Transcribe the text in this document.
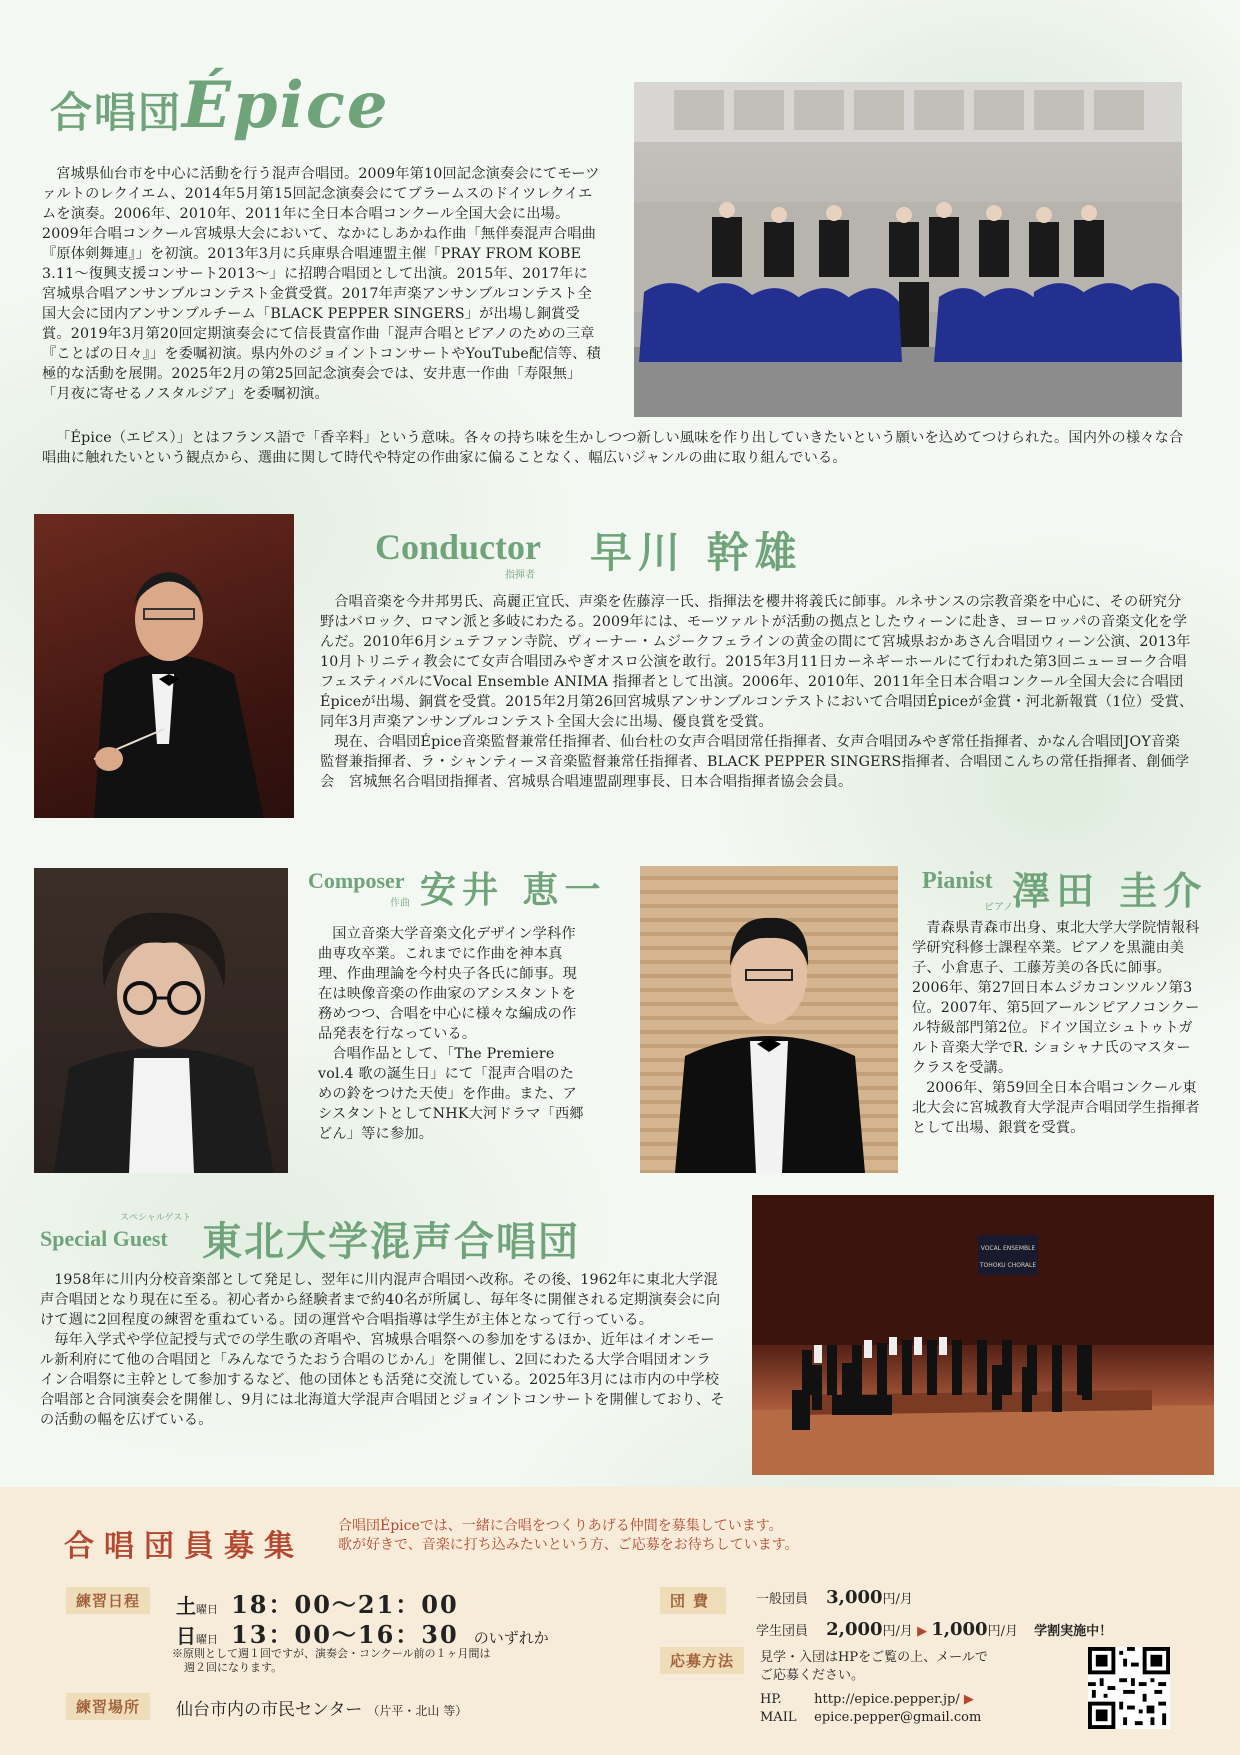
合唱団Épice

宮城県仙台市を中心に活動を行う混声合唱団。2009年第10回記念演奏会にてモーツァルトのレクイエム、2014年5月第15回記念演奏会にてブラームスのドイツレクイエムを演奏。2006年、2010年、2011年に全日本合唱コンクール全国大会に出場。2009年合唱コンクール宮城県大会において、なかにしあかね作曲「無伴奏混声合唱曲『原体剣舞連』」を初演。2013年3月に兵庫県合唱連盟主催「PRAY FROM KOBE 3.11～復興支援コンサート2013～」に招聘合唱団として出演。2015年、2017年に宮城県合唱アンサンブルコンテスト金賞受賞。2017年声楽アンサンブルコンテスト全国大会に団内アンサンブルチーム「BLACK PEPPER SINGERS」が出場し銅賞受賞。2019年3月第20回定期演奏会にて信長貴富作曲「混声合唱とピアノのための三章『ことばの日々』」を委嘱初演。県内外のジョイントコンサートやYouTube配信等、積極的な活動を展開。2025年2月の第25回記念演奏会では、安井恵一作曲「寿限無」「月夜に寄せるノスタルジア」を委嘱初演。

「Épice（エピス）」とはフランス語で「香辛料」という意味。各々の持ち味を生かしつつ新しい風味を作り出していきたいという願いを込めてつけられた。国内外の様々な合唱曲に触れたいという観点から、選曲に関して時代や特定の作曲家に偏ることなく、幅広いジャンルの曲に取り組んでいる。

Conductor
指揮者 早川 幹雄

合唱音楽を今井邦男氏、高麗正宜氏、声楽を佐藤淳一氏、指揮法を櫻井将義氏に師事。ルネサンスの宗教音楽を中心に、その研究分野はバロック、ロマン派と多岐にわたる。2009年には、モーツァルトが活動の拠点としたウィーンに赴き、ヨーロッパの音楽文化を学んだ。2010年6月シュテファン寺院、ヴィーナー・ムジークフェラインの黄金の間にて宮城県おかあさん合唱団ウィーン公演、2013年10月トリニティ教会にて女声合唱団みやぎオスロ公演を敢行。2015年3月11日カーネギーホールにて行われた第3回ニューヨーク合唱フェスティバルにVocal Ensemble ANIMA 指揮者として出演。2006年、2010年、2011年全日本合唱コンクール全国大会に合唱団Épiceが出場、銅賞を受賞。2015年2月第26回宮城県アンサンブルコンテストにおいて合唱団Épiceが金賞・河北新報賞（1位）受賞、同年3月声楽アンサンブルコンテスト全国大会に出場、優良賞を受賞。

現在、合唱団Épice音楽監督兼常任指揮者、仙台杜の女声合唱団常任指揮者、女声合唱団みやぎ常任指揮者、かなん合唱団JOY音楽監督兼指揮者、ラ・シャンティーヌ音楽監督兼常任指揮者、BLACK PEPPER SINGERS指揮者、合唱団こんちの常任指揮者、創価学会　宮城無名合唱団指揮者、宮城県合唱連盟副理事長、日本合唱指揮者協会会員。

Composer
作曲 安井 恵一

国立音楽大学音楽文化デザイン学科作曲専攻卒業。これまでに作曲を神本真理、作曲理論を今村央子各氏に師事。現在は映像音楽の作曲家のアシスタントを務めつつ、合唱を中心に様々な編成の作品発表を行なっている。

合唱作品として、「The Premiere vol.4 歌の誕生日」にて「混声合唱のための鈴をつけた天使」を作曲。また、アシスタントとしてNHK大河ドラマ「西郷どん」等に参加。

Pianist
ピアノ
澤田 圭介

青森県青森市出身、東北大学大学院情報科学研究科修士課程卒業。ピアノを黒瀧由美子、小倉恵子、工藤芳美の各氏に師事。2006年、第27回日本ムジカコンツルソ第3位。2007年、第5回アールンピアノコンクール特級部門第2位。ドイツ国立シュトゥトガルト音楽大学でR. ショシャナ氏のマスタークラスを受講。

2006年、第59回全日本合唱コンクール東北大会に宮城教育大学混声合唱団学生指揮者として出場、銀賞を受賞。

スペシャルゲスト
Special Guest 東北大学混声合唱団

1958年に川内分校音楽部として発足し、翌年に川内混声合唱団へ改称。その後、1962年に東北大学混声合唱団となり現在に至る。初心者から経験者まで約40名が所属し、毎年冬に開催される定期演奏会に向けて週に2回程度の練習を重ねている。団の運営や合唱指導は学生が主体となって行っている。

毎年入学式や学位記授与式での学生歌の斉唱や、宮城県合唱祭への参加をするほか、近年はイオンモール新利府にて他の合唱団と「みんなでうたおう合唱のじかん」を開催し、2回にわたる大学合唱団オンライン合唱祭に主幹として参加するなど、他の団体とも活発に交流している。2025年3月には市内の中学校合唱部と合同演奏会を開催し、9月には北海道大学混声合唱団とジョイントコンサートを開催しており、その活動の幅を広げている。

VOCAL ENSEMBLE
TOHOKU CHORALE
合唱団員募集
合唱団Épiceでは、一緒に合唱をつくりあげる仲間を募集しています。
歌が好きで、音楽に打ち込みたいという方、ご応募をお待ちしています。
練習日程	土曜日 18：00～21：00
日曜日 13：00～16：30 のいずれか
※原則として週１回ですが、演奏会・コンクール前の１ヶ月間は
週２回になります。
練習場所	仙台市内の市民センター （片平・北山 等）
団費	一般団員 3,000円/月
学生団員 2,000円/月 ▶ 1,000円/月 学割実施中！
応募方法	見学・入団はHPをご覧の上、メールで
ご応募ください。
HP.	http://epice.pepper.jp/ ▶
MAIL epice.pepper@gmail.com
